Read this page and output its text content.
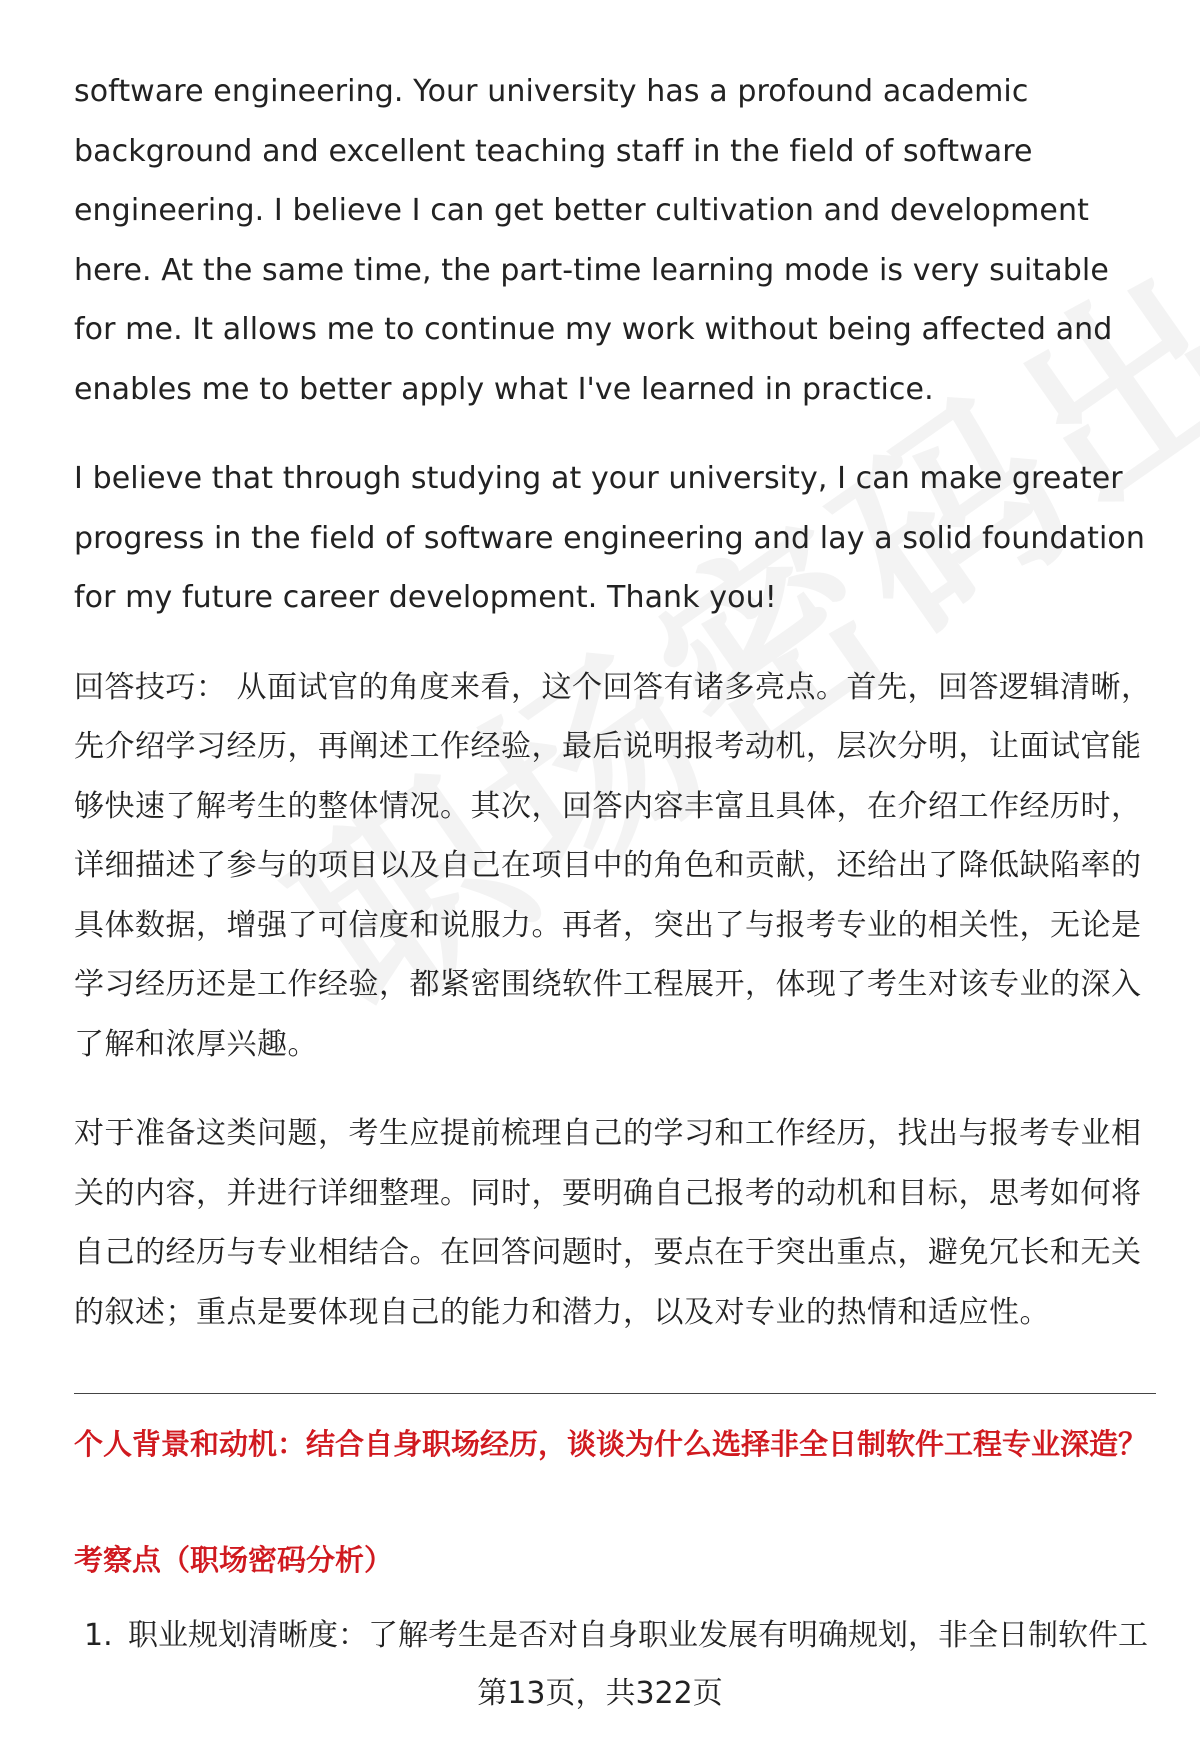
software engineering. Your university has a profound academic background and excellent teaching staff in the field of software engineering. I believe I can get better cultivation and development here. At the same time, the part-time learning mode is very suitable for me. It allows me to continue my work without being affected and enables me to better apply what I've learned in practice.

I believe that through studying at your university, I can make greater progress in the field of software engineering and lay a solid foundation for my future career development. Thank you!

回答技巧： 从面试官的角度来看，这个回答有诸多亮点。首先，回答逻辑清晰，先介绍学习经历，再阐述工作经验，最后说明报考动机，层次分明，让面试官能够快速了解考生的整体情况。其次，回答内容丰富且具体，在介绍工作经历时，详细描述了参与的项目以及自己在项目中的角色和贡献，还给出了降低缺陷率的具体数据，增强了可信度和说服力。再者，突出了与报考专业的相关性，无论是学习经历还是工作经验，都紧密围绕软件工程展开，体现了考生对该专业的深入了解和浓厚兴趣。

对于准备这类问题，考生应提前梳理自己的学习和工作经历，找出与报考专业相关的内容，并进行详细整理。同时，要明确自己报考的动机和目标，思考如何将自己的经历与专业相结合。在回答问题时，要点在于突出重点，避免冗长和无关的叙述；重点是要体现自己的能力和潜力，以及对专业的热情和适应性。

个人背景和动机：结合自身职场经历，谈谈为什么选择非全日制软件工程专业深造？
考察点（职场密码分析）
1. 职业规划清晰度：了解考生是否对自身职业发展有明确规划，非全日制软件工
第13页，共322页
